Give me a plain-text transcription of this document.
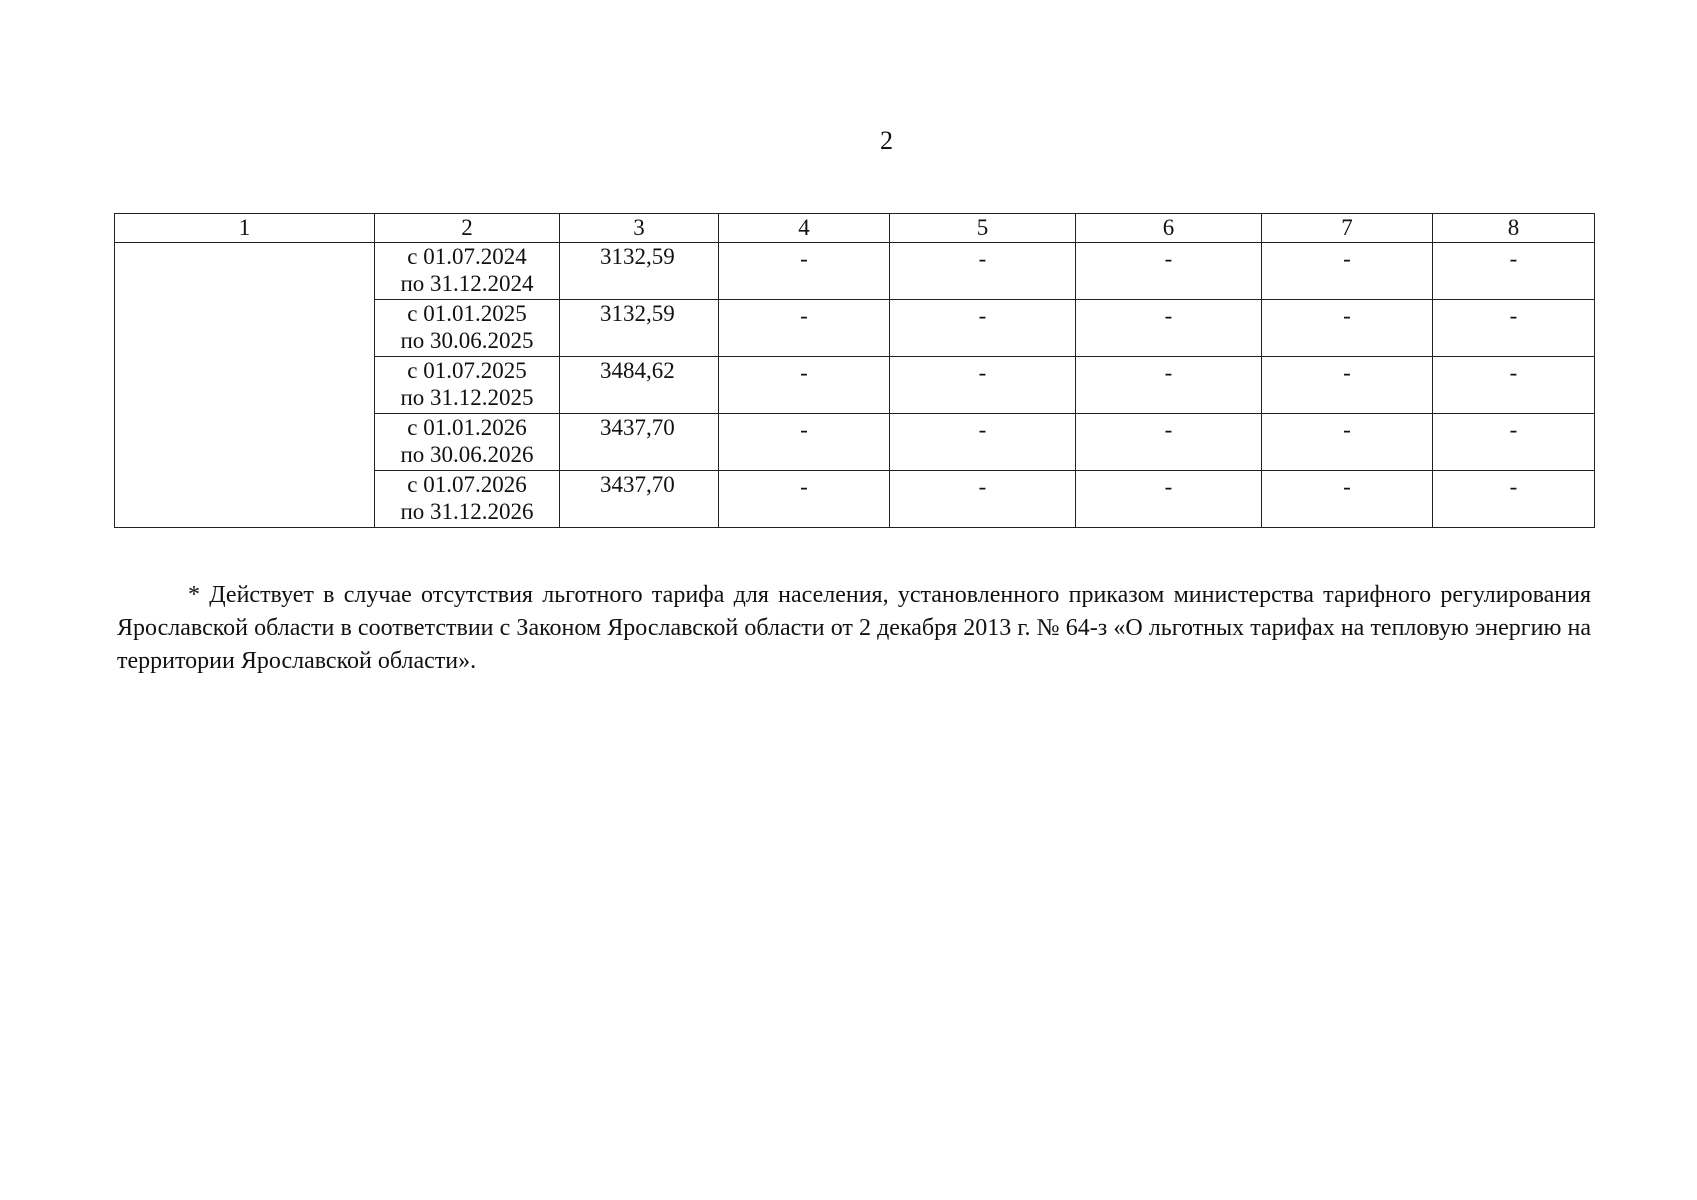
2
1	2	3	4	5	6	7	8

	с 01.07.2024
по 31.12.2024	3132,59	-	-	-	-	-

	с 01.01.2025
по 30.06.2025	3132,59	-	-	-	-	-

	с 01.07.2025
по 31.12.2025	3484,62	-	-	-	-	-

	с 01.01.2026
по 30.06.2026	3437,70	-	-	-	-	-

	с 01.07.2026
по 31.12.2026	3437,70	-	-	-	-	-

* Действует в случае отсутствия льготного тарифа для населения, установленного приказом министерства тарифного регулирования Ярославской области в соответствии с Законом Ярославской области от 2 декабря 2013 г. № 64-з «О льготных тарифах на тепловую энергию на территории Ярославской области».
